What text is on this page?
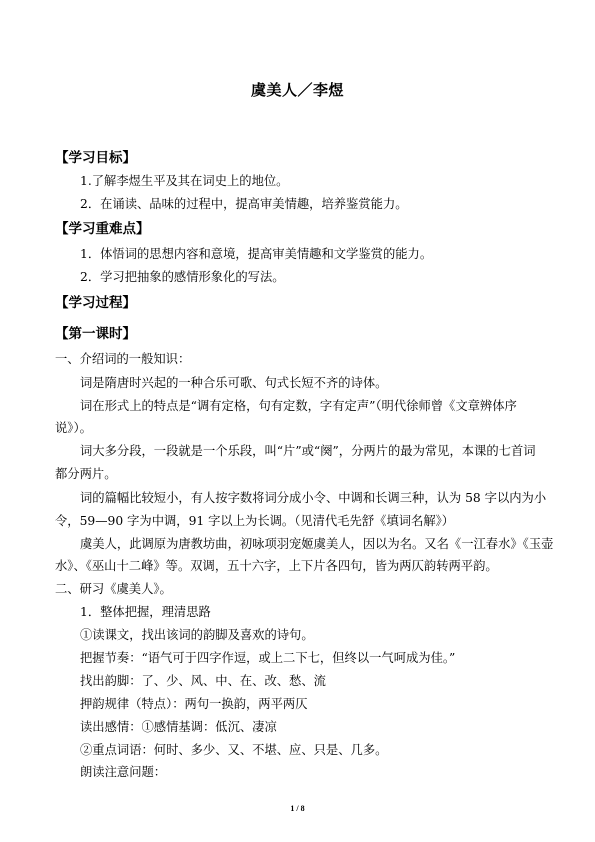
虞美人／李煜
【学习目标】
1.了解李煜生平及其在词史上的地位。
2．在诵读、品味的过程中，提高审美情趣，培养鉴赏能力。
【学习重难点】
1．体悟词的思想内容和意境，提高审美情趣和文学鉴赏的能力。
2．学习把抽象的感情形象化的写法。
【学习过程】
【第一课时】
一、介绍词的一般知识：
词是隋唐时兴起的一种合乐可歌、句式长短不齐的诗体。
词在形式上的特点是“调有定格，句有定数，字有定声”（明代徐师曾《文章辨体序
说》）。
词大多分段，一段就是一个乐段，叫“片”或“阕”，分两片的最为常见，本课的七首词
都分两片。
词的篇幅比较短小，有人按字数将词分成小令、中调和长调三种，认为 58 字以内为小
令，59—90 字为中调，91 字以上为长调。（见清代毛先舒《填词名解》）
虞美人，此调原为唐教坊曲，初咏项羽宠姬虞美人，因以为名。又名《一江春水》《玉壶
水》、《巫山十二峰》等。双调，五十六字，上下片各四句，皆为两仄韵转两平韵。
二、研习《虞美人》。
1．整体把握，理清思路
①读课文，找出该词的韵脚及喜欢的诗句。
把握节奏：“语气可于四字作逗，或上二下七，但终以一气呵成为佳。”
找出韵脚：了、少、风、中、在、改、愁、流
押韵规律（特点）：两句一换韵，两平两仄
读出感情：①感情基调：低沉、凄凉
②重点词语：何时、多少、又、不堪、应、只是、几多。
朗读注意问题：
1 / 8
